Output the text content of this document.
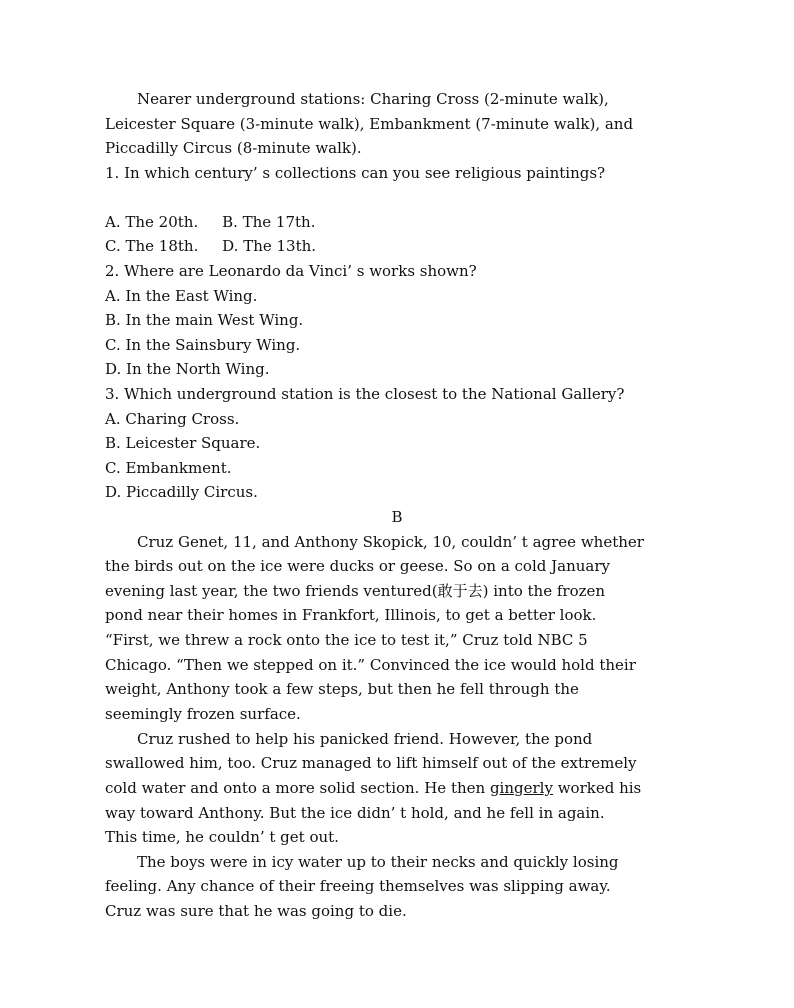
Nearer underground stations: Charing Cross (2-minute walk),
Leicester Square (3-minute walk), Embankment (7-minute walk), and
Piccadilly Circus (8-minute walk).
1. In which century’ s collections can you see religious paintings?
A. The 20th.     B. The 17th.
C. The 18th.     D. The 13th.
2. Where are Leonardo da Vinci’ s works shown?
A. In the East Wing.
B. In the main West Wing.
C. In the Sainsbury Wing.
D. In the North Wing.
3. Which underground station is the closest to the National Gallery?
A. Charing Cross.
B. Leicester Square.
C. Embankment.
D. Piccadilly Circus.
B
Cruz Genet, 11, and Anthony Skopick, 10, couldn’ t agree whether
the birds out on the ice were ducks or geese. So on a cold January
evening last year, the two friends ventured(敢于去) into the frozen
pond near their homes in Frankfort, Illinois, to get a better look.
“First, we threw a rock onto the ice to test it,” Cruz told NBC 5
Chicago. “Then we stepped on it.” Convinced the ice would hold their
weight, Anthony took a few steps, but then he fell through the
seemingly frozen surface.
Cruz rushed to help his panicked friend. However, the pond
swallowed him, too. Cruz managed to lift himself out of the extremely
cold water and onto a more solid section. He then gingerly worked his
way toward Anthony. But the ice didn’ t hold, and he fell in again.
This time, he couldn’ t get out.
The boys were in icy water up to their necks and quickly losing
feeling. Any chance of their freeing themselves was slipping away.
Cruz was sure that he was going to die.
